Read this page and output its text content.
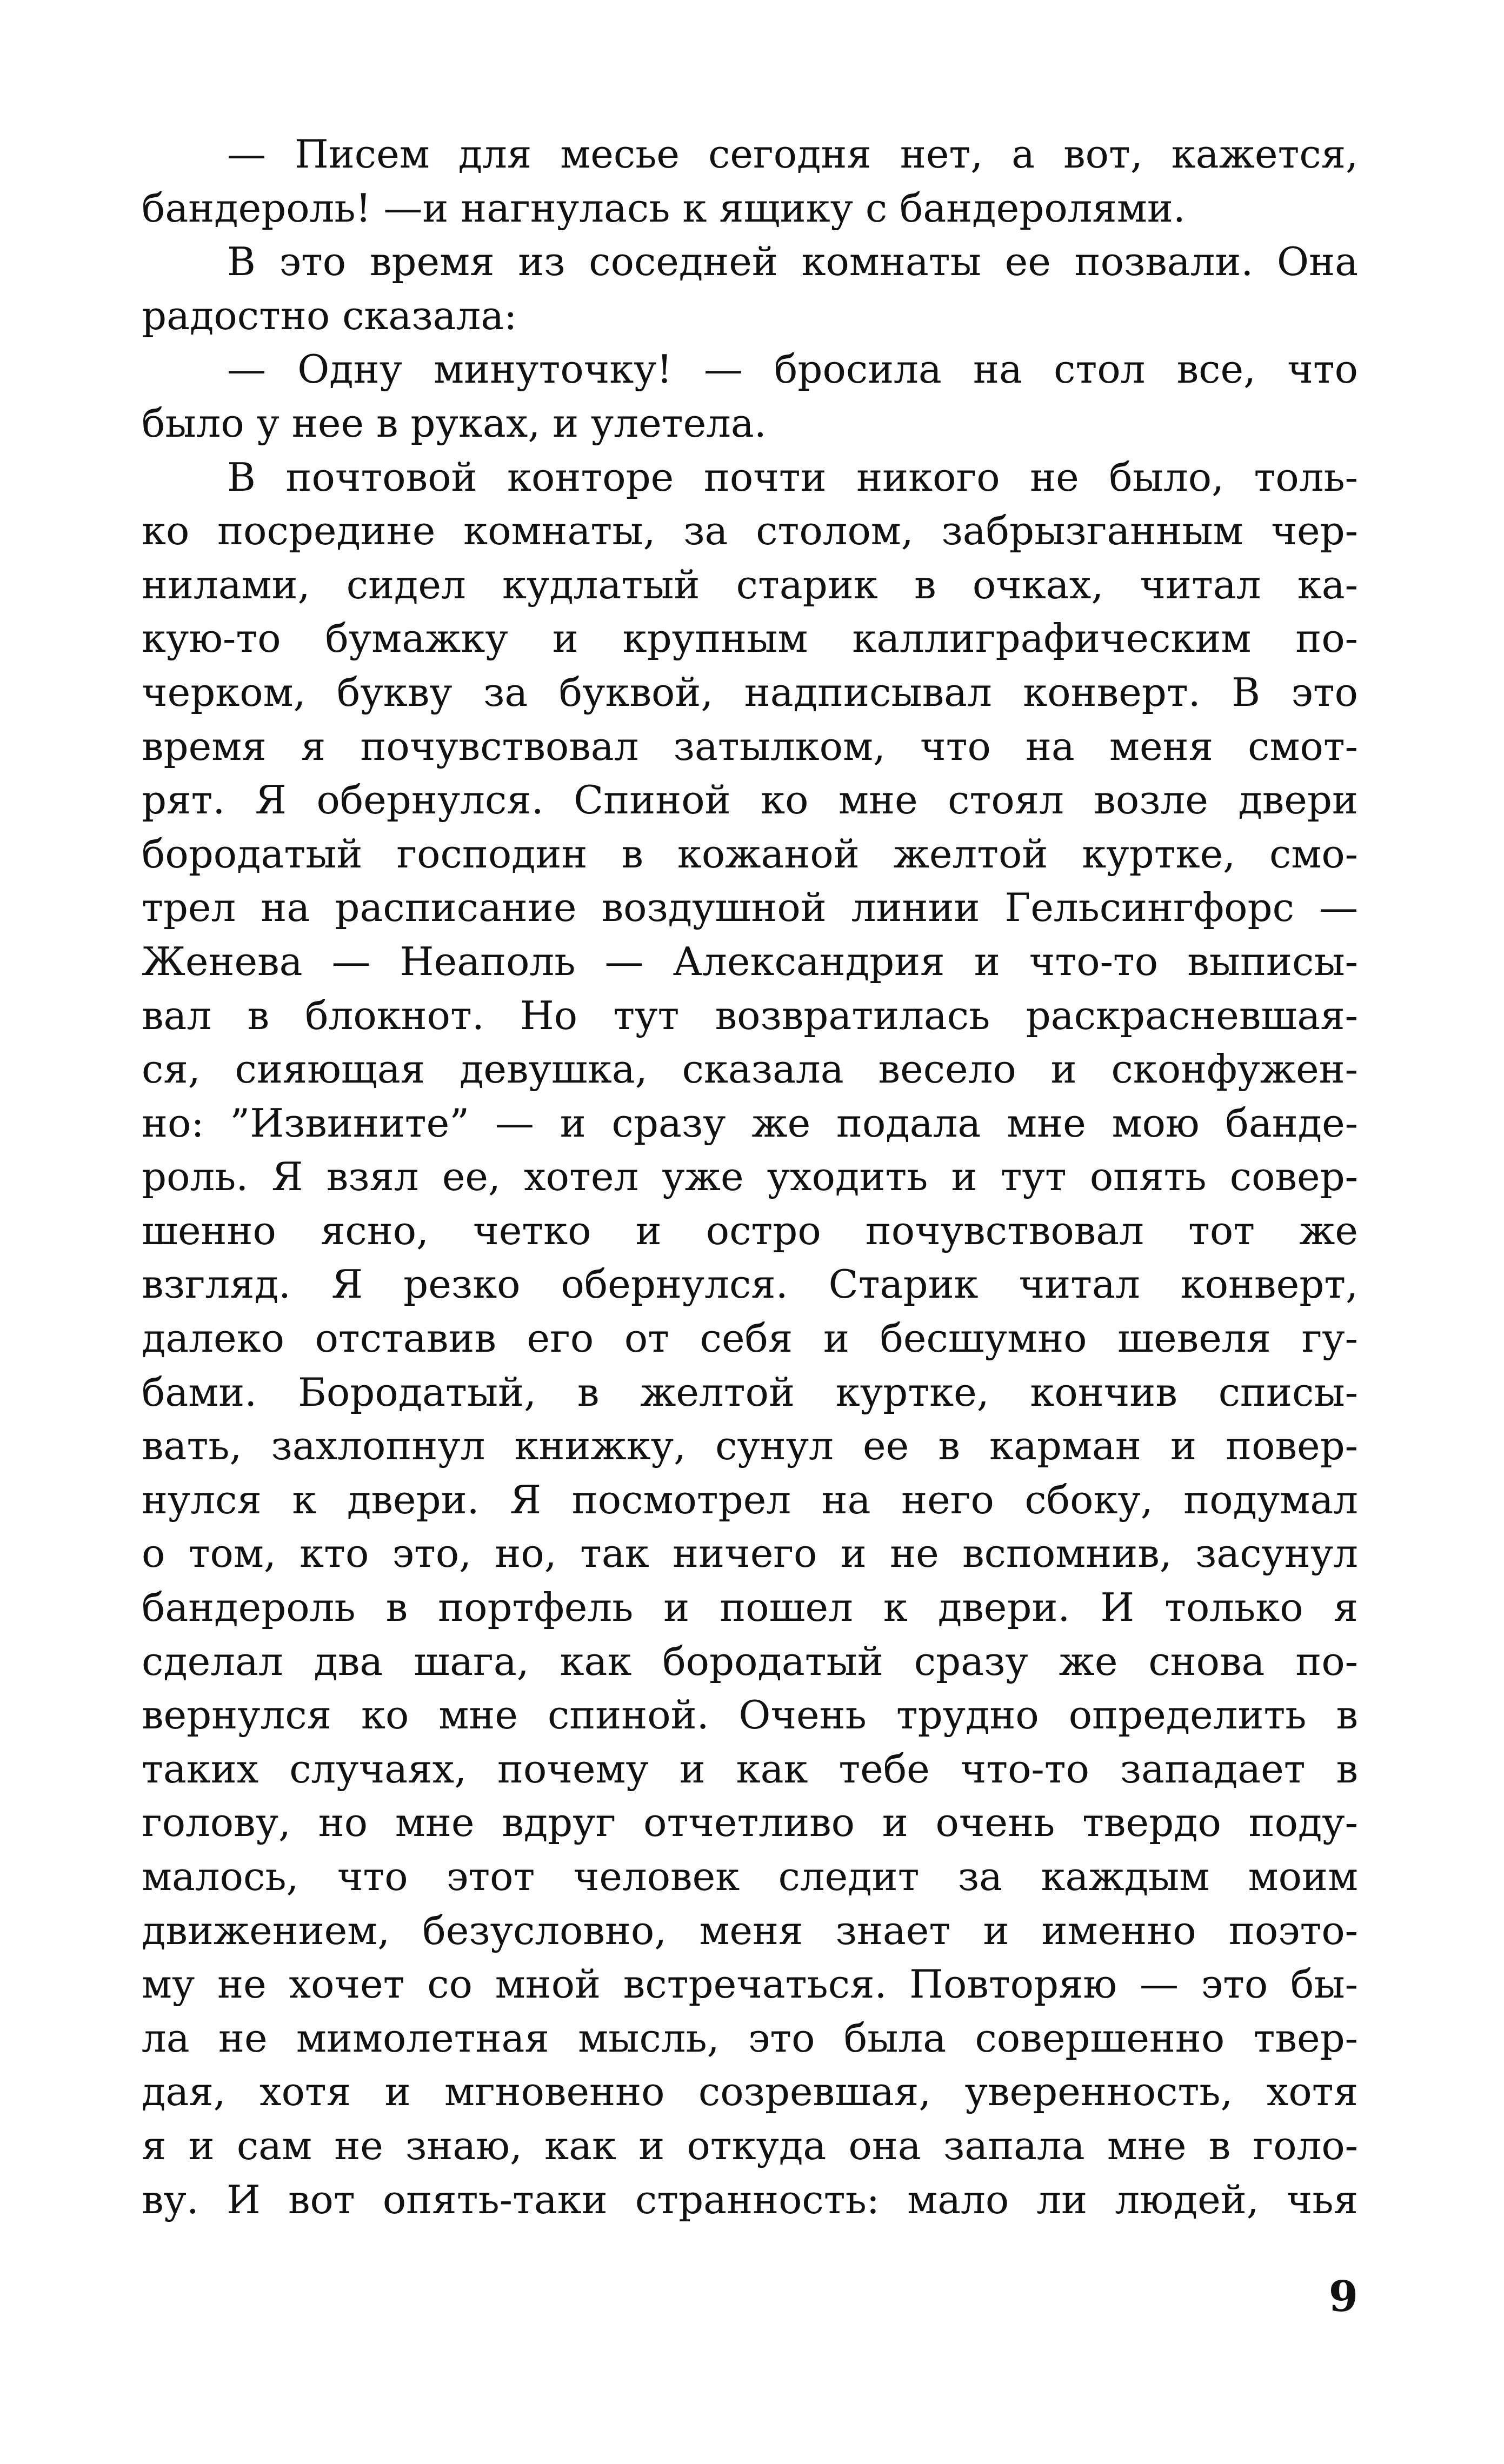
— Писем для месье сегодня нет, а вот, кажется,
бандероль! —и нагнулась к ящику с бандеролями.
В это время из соседней комнаты ее позвали. Она
радостно сказала:
— Одну минуточку! — бросила на стол все, что
было у нее в руках, и улетела.
В почтовой конторе почти никого не было, толь-
ко посредине комнаты, за столом, забрызганным чер-
нилами, сидел кудлатый старик в очках, читал ка-
кую-то бумажку и крупным каллиграфическим по-
черком, букву за буквой, надписывал конверт. В это
время я почувствовал затылком, что на меня смот-
рят. Я обернулся. Спиной ко мне стоял возле двери
бородатый господин в кожаной желтой куртке, смо-
трел на расписание воздушной линии Гельсингфорс —
Женева — Неаполь — Александрия и что-то выписы-
вал в блокнот. Но тут возвратилась раскрасневшая-
ся, сияющая девушка, сказала весело и сконфужен-
но: ”Извините” — и сразу же подала мне мою банде-
роль. Я взял ее, хотел уже уходить и тут опять совер-
шенно ясно, четко и остро почувствовал тот же
взгляд. Я резко обернулся. Старик читал конверт,
далеко отставив его от себя и бесшумно шевеля гу-
бами. Бородатый, в желтой куртке, кончив списы-
вать, захлопнул книжку, сунул ее в карман и повер-
нулся к двери. Я посмотрел на него сбоку, подумал
о том, кто это, но, так ничего и не вспомнив, засунул
бандероль в портфель и пошел к двери. И только я
сделал два шага, как бородатый сразу же снова по-
вернулся ко мне спиной. Очень трудно определить в
таких случаях, почему и как тебе что-то западает в
голову, но мне вдруг отчетливо и очень твердо поду-
малось, что этот человек следит за каждым моим
движением, безусловно, меня знает и именно поэто-
му не хочет со мной встречаться. Повторяю — это бы-
ла не мимолетная мысль, это была совершенно твер-
дая, хотя и мгновенно созревшая, уверенность, хотя
я и сам не знаю, как и откуда она запала мне в голо-
ву. И вот опять-таки странность: мало ли людей, чья
9
